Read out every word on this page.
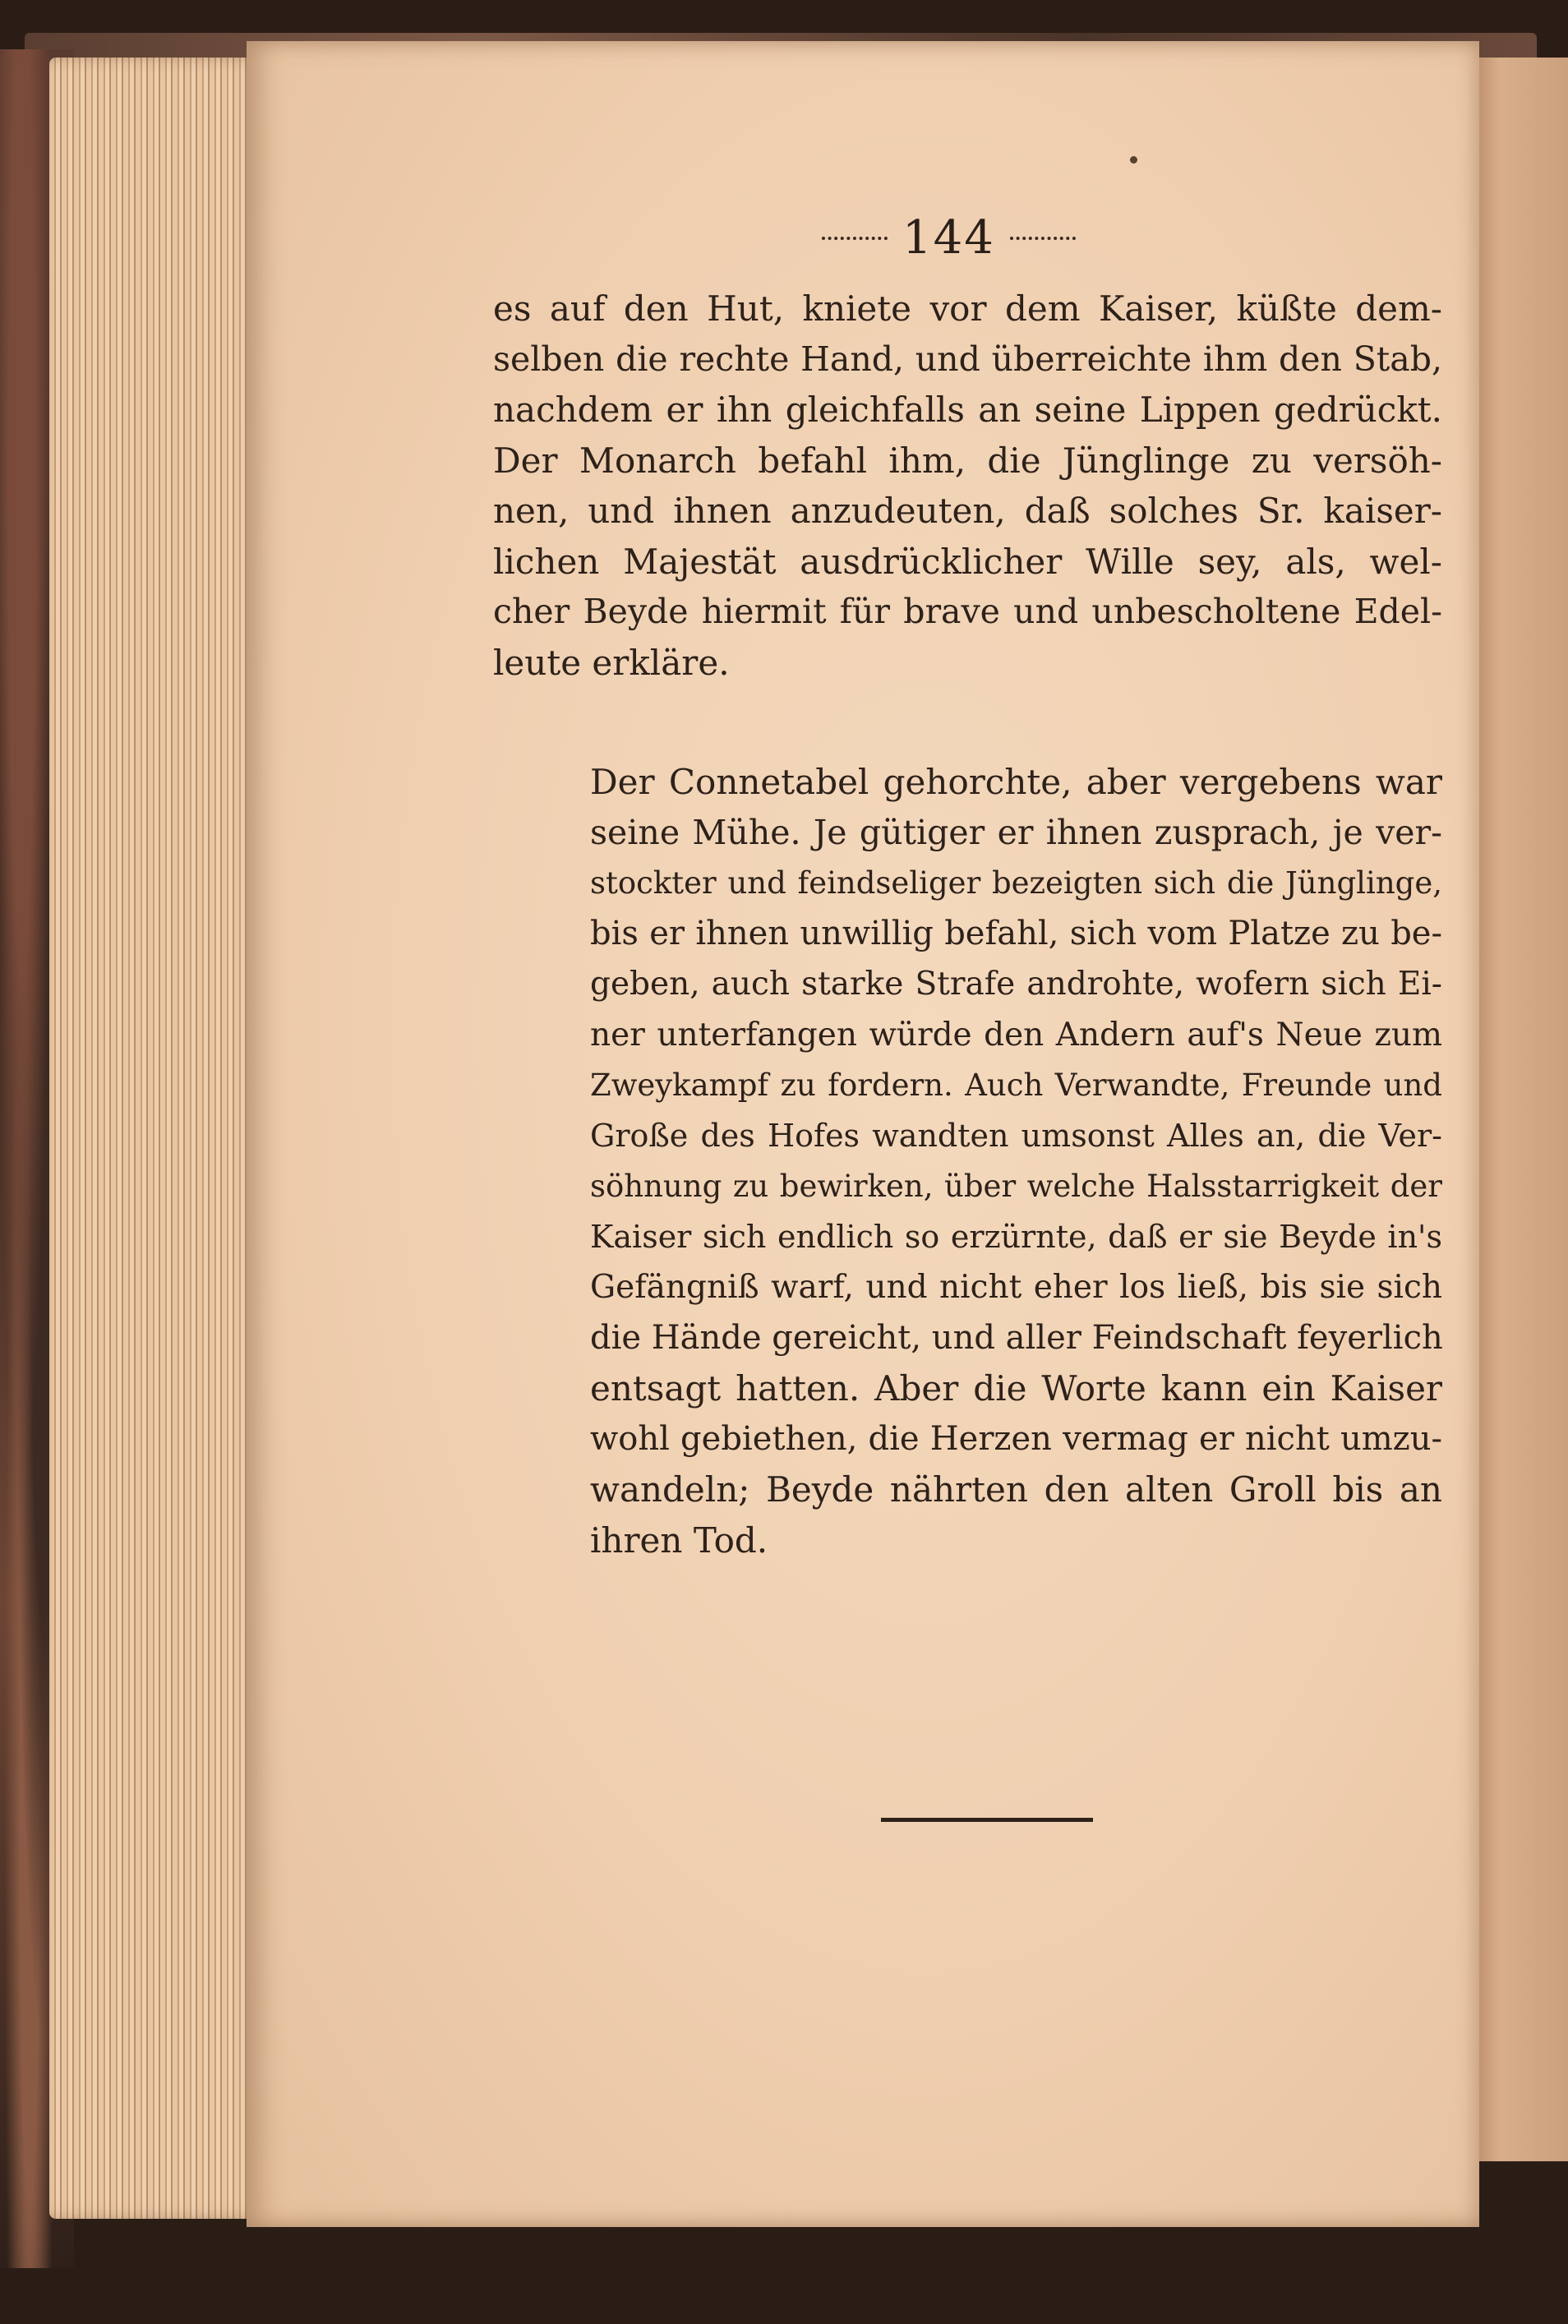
144

es auf den Hut, kniete vor dem Kaiser, küßte dem-
selben die rechte Hand, und überreichte ihm den Stab,
nachdem er ihn gleichfalls an seine Lippen gedrückt.
Der Monarch befahl ihm, die Jünglinge zu versöh-
nen, und ihnen anzudeuten, daß solches Sr. kaiser-
lichen Majestät ausdrücklicher Wille sey, als, wel-
cher Beyde hiermit für brave und unbescholtene Edel-
leute erkläre.

Der Connetabel gehorchte, aber vergebens war
seine Mühe. Je gütiger er ihnen zusprach, je ver-
stockter und feindseliger bezeigten sich die Jünglinge,
bis er ihnen unwillig befahl, sich vom Platze zu be-
geben, auch starke Strafe androhte, wofern sich Ei-
ner unterfangen würde den Andern auf's Neue zum
Zweykampf zu fordern. Auch Verwandte, Freunde und
Große des Hofes wandten umsonst Alles an, die Ver-
söhnung zu bewirken, über welche Halsstarrigkeit der
Kaiser sich endlich so erzürnte, daß er sie Beyde in's
Gefängniß warf, und nicht eher los ließ, bis sie sich
die Hände gereicht, und aller Feindschaft feyerlich
entsagt hatten. Aber die Worte kann ein Kaiser
wohl gebiethen, die Herzen vermag er nicht umzu-
wandeln; Beyde nährten den alten Groll bis an
ihren Tod.
